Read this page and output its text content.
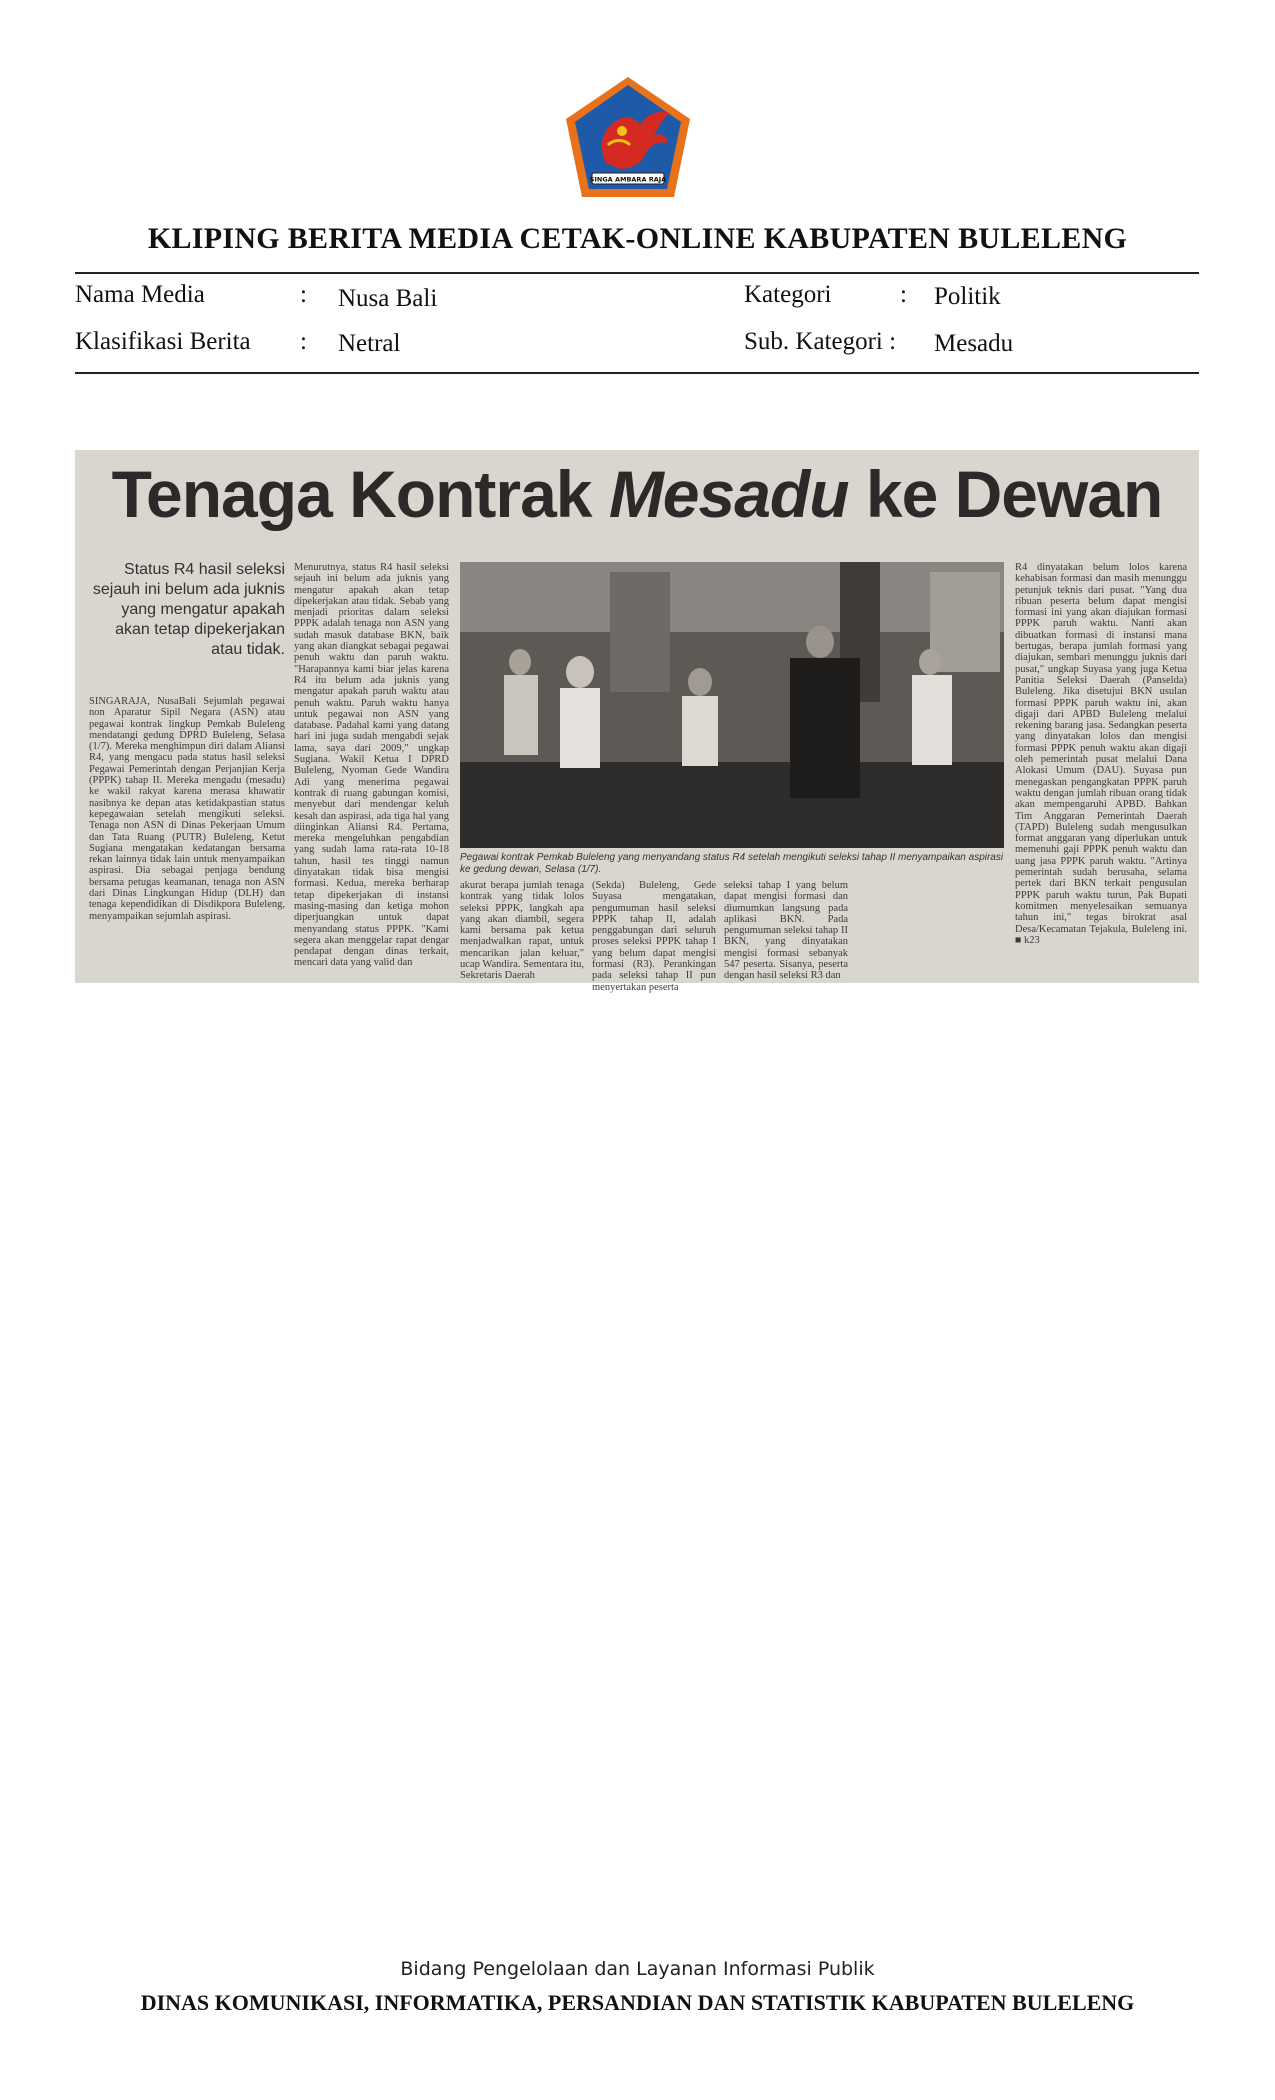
SINGA AMBARA RAJA
KLIPING BERITA MEDIA CETAK-ONLINE KABUPATEN BULELENG
Nama Media	: Nusa Bali	Kategori	: Politik
Klasifikasi Berita : Netral	Sub. Kategori : Mesadu
Tenaga Kontrak Mesadu ke Dewan
Status R4 hasil seleksi sejauh ini belum ada juknis yang mengatur apakah akan tetap dipekerjakan atau tidak.
SINGARAJA, NusaBali Sejumlah pegawai non Aparatur Sipil Negara (ASN) atau pegawai kontrak lingkup Pemkab Buleleng mendatangi gedung DPRD Buleleng, Selasa (1/7). Mereka menghimpun diri dalam Aliansi R4, yang mengacu pada status hasil seleksi Pegawai Pemerintah dengan Perjanjian Kerja (PPPK) tahap II. Mereka mengadu (mesadu) ke wakil rakyat karena merasa khawatir nasibnya ke depan atas ketidakpastian status kepegawaian setelah mengikuti seleksi. Tenaga non ASN di Dinas Pekerjaan Umum dan Tata Ruang (PUTR) Buleleng, Ketut Sugiana mengatakan kedatangan bersama rekan lainnya tidak lain untuk menyampaikan aspirasi. Dia sebagai penjaga bendung bersama petugas keamanan, tenaga non ASN dari Dinas Lingkungan Hidup (DLH) dan tenaga kependidikan di Disdikpora Buleleng, menyampaikan sejumlah aspirasi.
Menurutnya, status R4 hasil seleksi sejauh ini belum ada juknis yang mengatur apakah akan tetap dipekerjakan atau tidak. Sebab yang menjadi prioritas dalam seleksi PPPK adalah tenaga non ASN yang sudah masuk database BKN, baik yang akan diangkat sebagai pegawai penuh waktu dan paruh waktu. "Harapannya kami biar jelas karena R4 itu belum ada juknis yang mengatur apakah paruh waktu atau penuh waktu. Paruh waktu hanya untuk pegawai non ASN yang database. Padahal kami yang datang hari ini juga sudah mengabdi sejak lama, saya dari 2009," ungkap Sugiana. Wakil Ketua I DPRD Buleleng, Nyoman Gede Wandira Adi yang menerima pegawai kontrak di ruang gabungan komisi, menyebut dari mendengar keluh kesah dan aspirasi, ada tiga hal yang diinginkan Aliansi R4. Pertama, mereka mengeluhkan pengabdian yang sudah lama rata-rata 10-18 tahun, hasil tes tinggi namun dinyatakan tidak bisa mengisi formasi. Kedua, mereka berharap tetap dipekerjakan di instansi masing-masing dan ketiga mohon diperjuangkan untuk dapat menyandang status PPPK. "Kami segera akan menggelar rapat dengar pendapat dengan dinas terkait, mencari data yang valid dan
Pegawai kontrak Pemkab Buleleng yang menyandang status R4 setelah mengikuti seleksi tahap II menyampaikan aspirasi ke gedung dewan, Selasa (1/7).
akurat berapa jumlah tenaga kontrak yang tidak lolos seleksi PPPK, langkah apa yang akan diambil, segera kami bersama pak ketua menjadwalkan rapat, untuk mencarikan jalan keluar," ucap Wandira. Sementara itu, Sekretaris Daerah
(Sekda) Buleleng, Gede Suyasa mengatakan, pengumuman hasil seleksi PPPK tahap II, adalah penggabungan dari seluruh proses seleksi PPPK tahap I yang belum dapat mengisi formasi (R3). Perankingan pada seleksi tahap II pun menyertakan peserta
seleksi tahap I yang belum dapat mengisi formasi dan diumumkan langsung pada aplikasi BKN. Pada pengumuman seleksi tahap II BKN, yang dinyatakan mengisi formasi sebanyak 547 peserta. Sisanya, peserta dengan hasil seleksi R3 dan
R4 dinyatakan belum lolos karena kehabisan formasi dan masih menunggu petunjuk teknis dari pusat. "Yang dua ribuan peserta belum dapat mengisi formasi ini yang akan diajukan formasi PPPK paruh waktu. Nanti akan dibuatkan formasi di instansi mana bertugas, berapa jumlah formasi yang diajukan, sembari menunggu juknis dari pusat," ungkap Suyasa yang juga Ketua Panitia Seleksi Daerah (Panselda) Buleleng. Jika disetujui BKN usulan formasi PPPK paruh waktu ini, akan digaji dari APBD Buleleng melalui rekening barang jasa. Sedangkan peserta yang dinyatakan lolos dan mengisi formasi PPPK penuh waktu akan digaji oleh pemerintah pusat melalui Dana Alokasi Umum (DAU). Suyasa pun menegaskan pengangkatan PPPK paruh waktu dengan jumlah ribuan orang tidak akan mempengaruhi APBD. Bahkan Tim Anggaran Pemerintah Daerah (TAPD) Buleleng sudah mengusulkan format anggaran yang diperlukan untuk memenuhi gaji PPPK penuh waktu dan uang jasa PPPK paruh waktu. "Artinya pemerintah sudah berusaha, selama pertek dari BKN terkait pengusulan PPPK paruh waktu turun, Pak Bupati komitmen menyelesaikan semuanya tahun ini," tegas birokrat asal Desa/Kecamatan Tejakula, Buleleng ini. ■ k23
Bidang Pengelolaan dan Layanan Informasi Publik
DINAS KOMUNIKASI, INFORMATIKA, PERSANDIAN DAN STATISTIK KABUPATEN BULELENG
